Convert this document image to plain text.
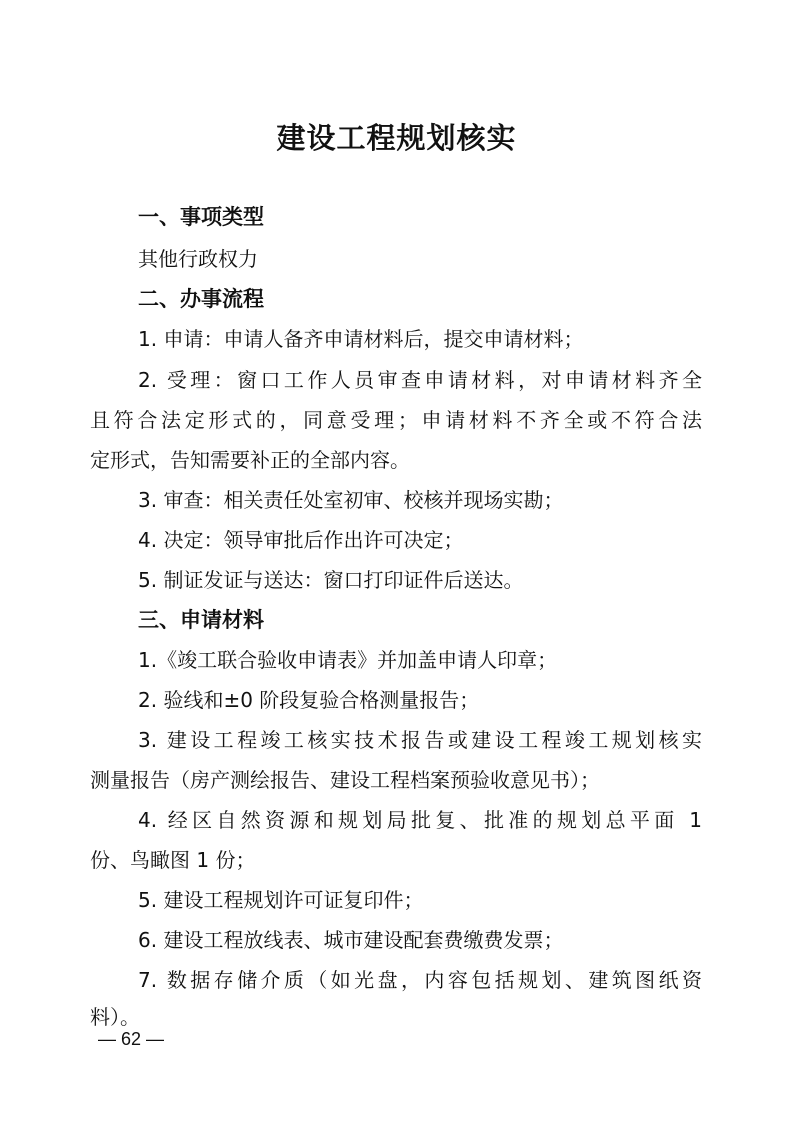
建设工程规划核实
一、事项类型
其他行政权力
二、办事流程
1. 申请：申请人备齐申请材料后，提交申请材料；
2. 受理：窗口工作人员审查申请材料，对申请材料齐全
且符合法定形式的，同意受理；申请材料不齐全或不符合法
定形式，告知需要补正的全部内容。
3. 审查：相关责任处室初审、校核并现场实勘；
4. 决定：领导审批后作出许可决定；
5. 制证发证与送达：窗口打印证件后送达。
三、申请材料
1.《竣工联合验收申请表》并加盖申请人印章；
2. 验线和±0 阶段复验合格测量报告；
3. 建设工程竣工核实技术报告或建设工程竣工规划核实
测量报告（房产测绘报告、建设工程档案预验收意见书）；
4. 经区自然资源和规划局批复、批准的规划总平面 1
份、鸟瞰图 1 份；
5. 建设工程规划许可证复印件；
6. 建设工程放线表、城市建设配套费缴费发票；
7. 数据存储介质（如光盘，内容包括规划、建筑图纸资
料）。
— 62 —
